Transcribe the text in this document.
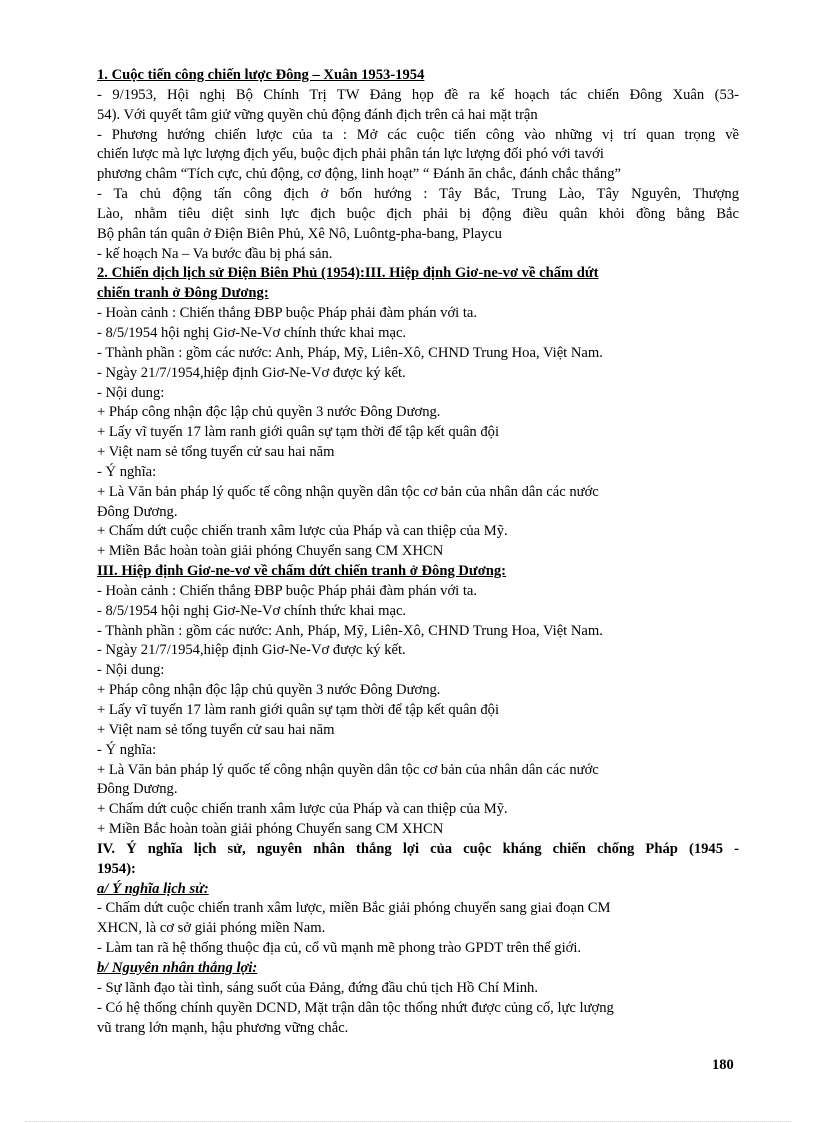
1. Cuộc tiến công chiến lược Đông – Xuân 1953-1954
- 9/1953, Hội nghị Bộ Chính Trị TW Đảng họp đề ra kế hoạch tác chiến Đông Xuân (53-
54). Với quyết tâm giử vững quyền chủ động đánh địch trên cả hai mặt trận
- Phương hướng chiến lược của ta : Mở các cuộc tiến công vào những vị trí quan trọng về
chiến lược mà lực lượng địch yếu, buộc địch phải phân tán lực lượng đối phó với tavới
phương châm “Tích cực, chủ động, cơ động, linh hoạt” “ Đánh ăn chắc, đánh chắc thắng”
- Ta chủ động tấn công địch ở bốn hướng : Tây Bắc, Trung Lào, Tây Nguyên, Thượng
Lào, nhằm tiêu diệt sinh lực địch buộc địch phải bị động điều quân khỏi đồng bằng Bắc
Bộ phân tán quân ở Điện Biên Phủ, Xê Nô, Luôntg-pha-bang, Playcu
- kế hoạch Na – Va bước đầu bị phá sản.
2. Chiến dịch lịch sử Điện Biên Phủ (1954):III. Hiệp định Giơ-ne-vơ về chấm dứt
chiến tranh ở Đông Dương:
- Hoàn cảnh : Chiến thắng ĐBP buộc Pháp phải đàm phán với ta.
- 8/5/1954 hội nghị Giơ-Ne-Vơ chính thức khai mạc.
- Thành phần : gồm các nước: Anh, Pháp, Mỹ, Liên-Xô, CHND Trung Hoa, Việt Nam.
- Ngày 21/7/1954,hiệp định Giơ-Ne-Vơ được ký kết.
- Nội dung:
+ Pháp công nhận độc lập chủ quyền 3 nước Đông Dương.
+ Lấy vĩ tuyến 17 làm ranh giới quân sự tạm thời để tập kết quân đội
+ Việt nam sẻ tổng tuyển cử sau hai năm
- Ý nghĩa:
+ Là Văn bản pháp lý quốc tế công nhận quyền dân tộc cơ bản của nhân dân các nước
Đông Dương.
+ Chấm dứt cuộc chiến tranh xâm lược của Pháp và can thiệp của Mỹ.
+ Miền Bắc hoàn toàn giải phóng Chuyển sang CM XHCN
III. Hiệp định Giơ-ne-vơ về chấm dứt chiến tranh ở Đông Dương:
- Hoàn cảnh : Chiến thắng ĐBP buộc Pháp phải đàm phán với ta.
- 8/5/1954 hội nghị Giơ-Ne-Vơ chính thức khai mạc.
- Thành phần : gồm các nước: Anh, Pháp, Mỹ, Liên-Xô, CHND Trung Hoa, Việt Nam.
- Ngày 21/7/1954,hiệp định Giơ-Ne-Vơ được ký kết.
- Nội dung:
+ Pháp công nhận độc lập chủ quyền 3 nước Đông Dương.
+ Lấy vĩ tuyến 17 làm ranh giới quân sự tạm thời để tập kết quân đội
+ Việt nam sẻ tổng tuyển cử sau hai năm
- Ý nghĩa:
+ Là Văn bản pháp lý quốc tế công nhận quyền dân tộc cơ bản của nhân dân các nước
Đông Dương.
+ Chấm dứt cuộc chiến tranh xâm lược của Pháp và can thiệp của Mỹ.
+ Miền Bắc hoàn toàn giải phóng Chuyển sang CM XHCN
IV. Ý nghĩa lịch sử, nguyên nhân thắng lợi của cuộc kháng chiến chống Pháp (1945 -
1954):
a/ Ý nghĩa lịch sử:
- Chấm dứt cuộc chiến tranh xâm lược, miền Bắc giải phóng chuyển sang giai đoạn CM
XHCN, là cơ sở giải phóng miền Nam.
- Làm tan rã hệ thống thuộc địa củ, cổ vũ mạnh mẽ phong trào GPDT trên thế giới.
b/ Nguyên nhân thắng lợi:
- Sự lãnh đạo tài tình, sáng suốt của Đảng, đứng đầu chủ tịch Hồ Chí Minh.
- Có hệ thống chính quyền DCND, Mặt trận dân tộc thống nhứt được củng cố, lực lượng
vũ trang lớn mạnh, hậu phương vững chắc.
180
